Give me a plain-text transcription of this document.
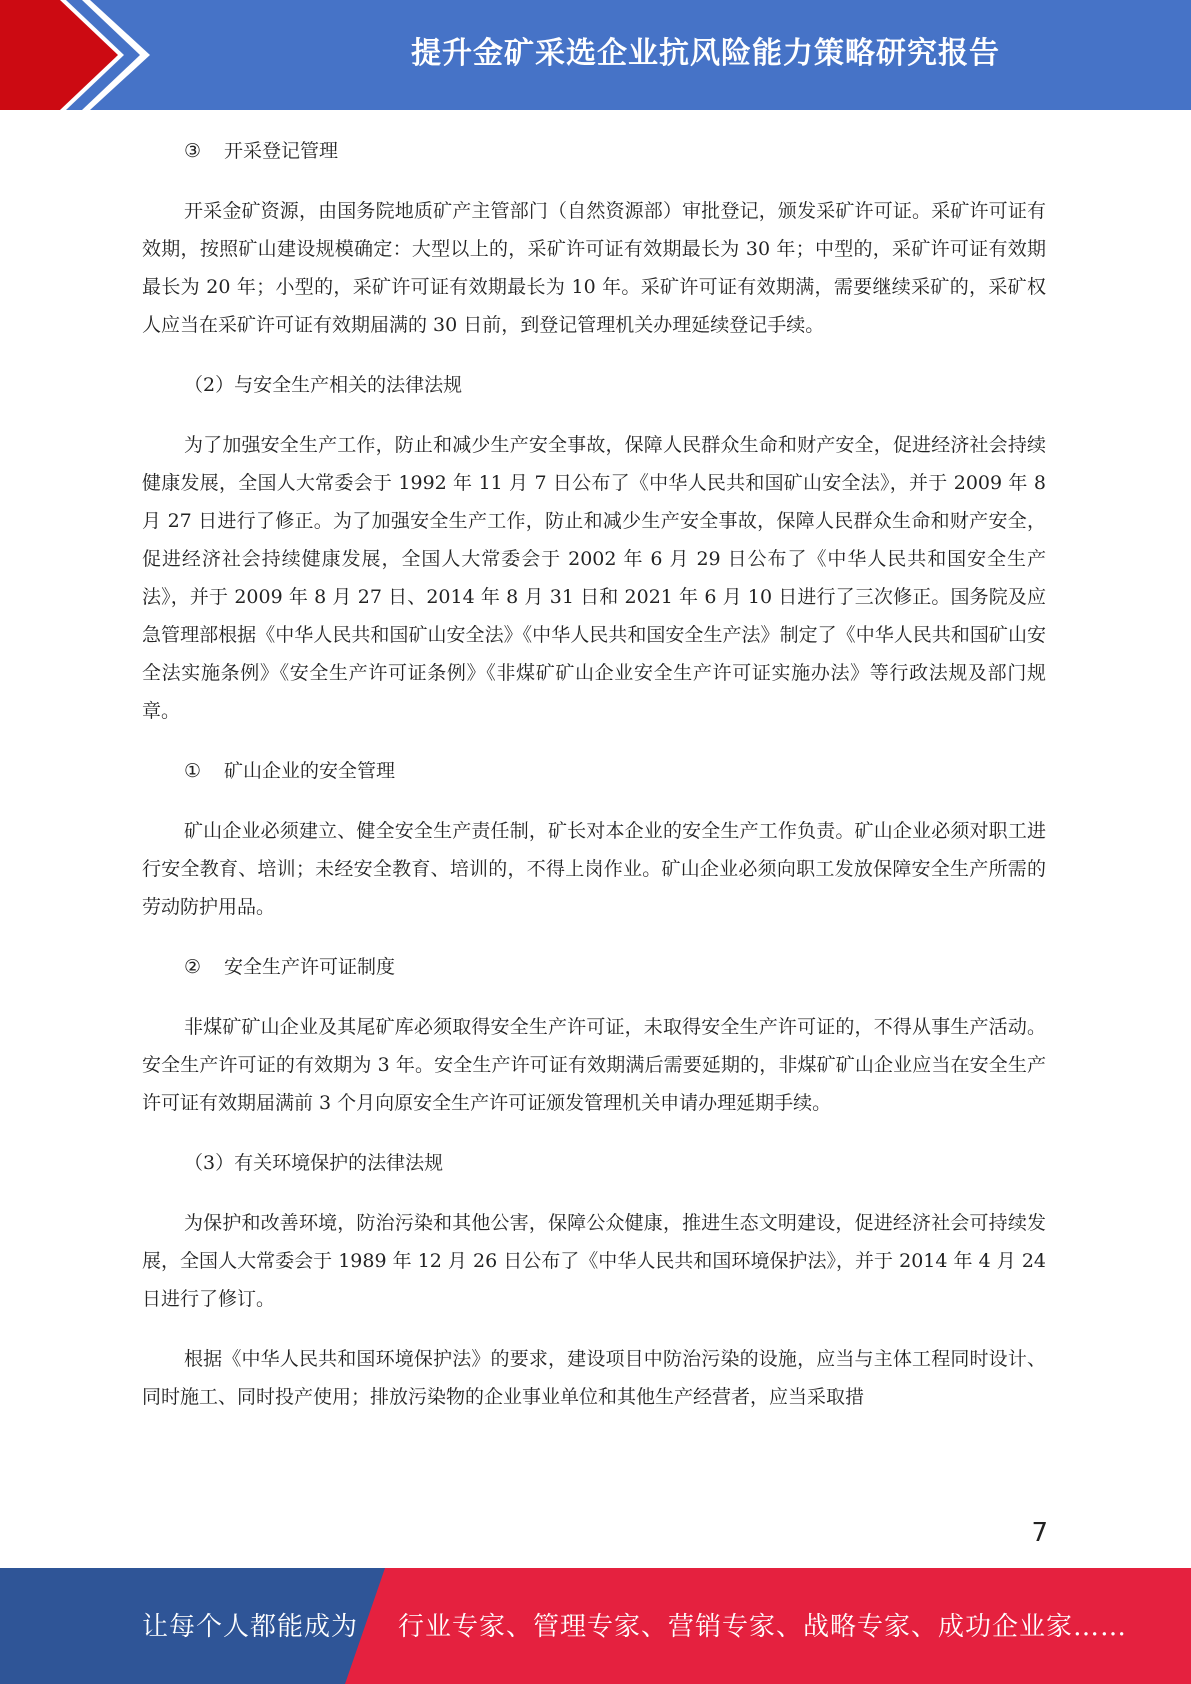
提升金矿采选企业抗风险能力策略研究报告

③ 开采登记管理

开采金矿资源，由国务院地质矿产主管部门（自然资源部）审批登记，颁发采矿许可证。采矿许可证有效期，按照矿山建设规模确定：大型以上的，采矿许可证有效期最长为 30 年；中型的，采矿许可证有效期最长为 20 年；小型的，采矿许可证有效期最长为 10 年。采矿许可证有效期满，需要继续采矿的，采矿权人应当在采矿许可证有效期届满的 30 日前，到登记管理机关办理延续登记手续。

（2）与安全生产相关的法律法规

为了加强安全生产工作，防止和减少生产安全事故，保障人民群众生命和财产安全，促进经济社会持续健康发展，全国人大常委会于 1992 年 11 月 7 日公布了《中华人民共和国矿山安全法》，并于 2009 年 8 月 27 日进行了修正。为了加强安全生产工作，防止和减少生产安全事故，保障人民群众生命和财产安全，促进经济社会持续健康发展，全国人大常委会于 2002 年 6 月 29 日公布了《中华人民共和国安全生产法》，并于 2009 年 8 月 27 日、2014 年 8 月 31 日和 2021 年 6 月 10 日进行了三次修正。国务院及应急管理部根据《中华人民共和国矿山安全法》《中华人民共和国安全生产法》制定了《中华人民共和国矿山安全法实施条例》《安全生产许可证条例》《非煤矿矿山企业安全生产许可证实施办法》等行政法规及部门规章。

① 矿山企业的安全管理

矿山企业必须建立、健全安全生产责任制，矿长对本企业的安全生产工作负责。矿山企业必须对职工进行安全教育、培训；未经安全教育、培训的，不得上岗作业。矿山企业必须向职工发放保障安全生产所需的劳动防护用品。

② 安全生产许可证制度

非煤矿矿山企业及其尾矿库必须取得安全生产许可证，未取得安全生产许可证的，不得从事生产活动。安全生产许可证的有效期为 3 年。安全生产许可证有效期满后需要延期的，非煤矿矿山企业应当在安全生产许可证有效期届满前 3 个月向原安全生产许可证颁发管理机关申请办理延期手续。

（3）有关环境保护的法律法规

为保护和改善环境，防治污染和其他公害，保障公众健康，推进生态文明建设，促进经济社会可持续发展，全国人大常委会于 1989 年 12 月 26 日公布了《中华人民共和国环境保护法》，并于 2014 年 4 月 24 日进行了修订。

根据《中华人民共和国环境保护法》的要求，建设项目中防治污染的设施，应当与主体工程同时设计、同时施工、同时投产使用；排放污染物的企业事业单位和其他生产经营者，应当采取措

7
让每个人都能成为 行业专家、管理专家、营销专家、战略专家、成功企业家……
